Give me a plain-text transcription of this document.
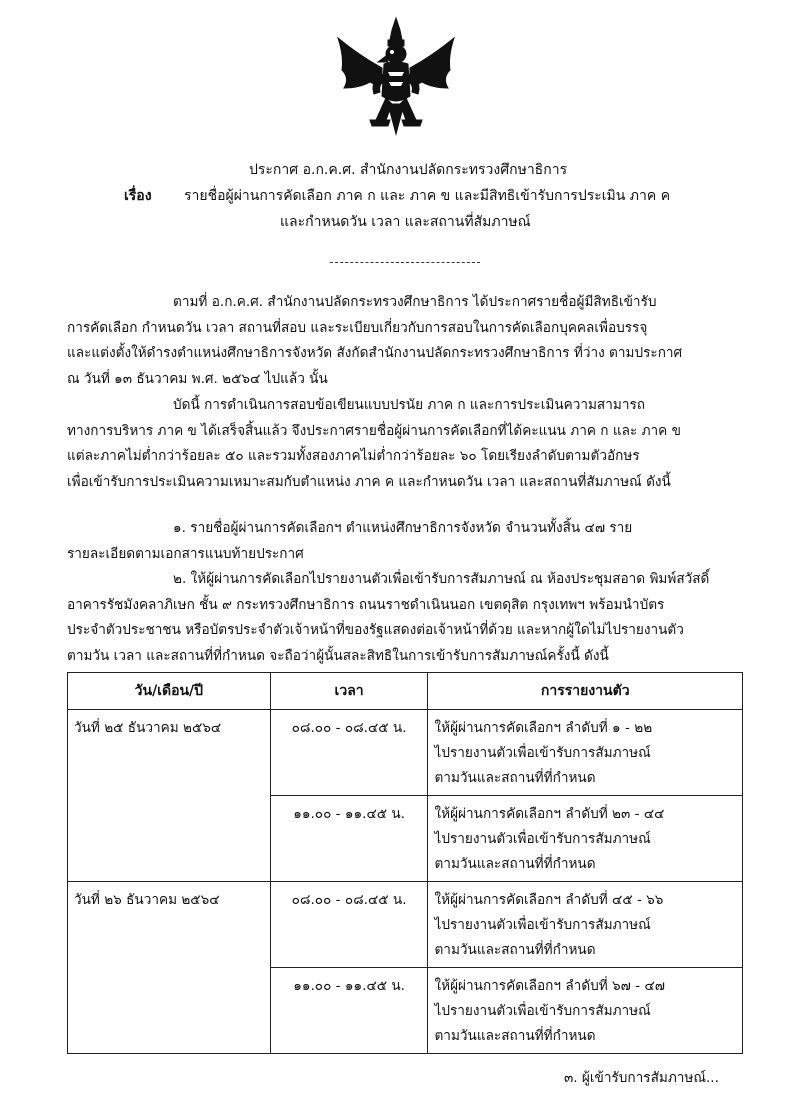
ประกาศ อ.ก.ค.ศ. สำนักงานปลัดกระทรวงศึกษาธิการ
เรื่อง รายชื่อผู้ผ่านการคัดเลือก ภาค ก และ ภาค ข และมีสิทธิเข้ารับการประเมิน ภาค ค
และกำหนดวัน เวลา และสถานที่สัมภาษณ์
ตามที่ อ.ก.ค.ศ. สำนักงานปลัดกระทรวงศึกษาธิการ ได้ประกาศรายชื่อผู้มีสิทธิเข้ารับ
การคัดเลือก กำหนดวัน เวลา สถานที่สอบ และระเบียบเกี่ยวกับการสอบในการคัดเลือกบุคคลเพื่อบรรจุ
และแต่งตั้งให้ดำรงตำแหน่งศึกษาธิการจังหวัด สังกัดสำนักงานปลัดกระทรวงศึกษาธิการ ที่ว่าง ตามประกาศ
ณ วันที่ ๑๓ ธันวาคม พ.ศ. ๒๕๖๔ ไปแล้ว นั้น
บัดนี้ การดำเนินการสอบข้อเขียนแบบปรนัย ภาค ก และการประเมินความสามารถ
ทางการบริหาร ภาค ข ได้เสร็จสิ้นแล้ว จึงประกาศรายชื่อผู้ผ่านการคัดเลือกที่ได้คะแนน ภาค ก และ ภาค ข
แต่ละภาคไม่ต่ำกว่าร้อยละ ๕๐ และรวมทั้งสองภาคไม่ต่ำกว่าร้อยละ ๖๐ โดยเรียงลำดับตามตัวอักษร
เพื่อเข้ารับการประเมินความเหมาะสมกับตำแหน่ง ภาค ค และกำหนดวัน เวลา และสถานที่สัมภาษณ์ ดังนี้
๑. รายชื่อผู้ผ่านการคัดเลือกฯ ตำแหน่งศึกษาธิการจังหวัด จำนวนทั้งสิ้น ๔๗ ราย
รายละเอียดตามเอกสารแนบท้ายประกาศ
๒. ให้ผู้ผ่านการคัดเลือกไปรายงานตัวเพื่อเข้ารับการสัมภาษณ์ ณ ห้องประชุมสอาด พิมพ์สวัสดิ์
อาคารรัชมังคลาภิเษก ชั้น ๙ กระทรวงศึกษาธิการ ถนนราชดำเนินนอก เขตดุสิต กรุงเทพฯ พร้อมนำบัตร
ประจำตัวประชาชน หรือบัตรประจำตัวเจ้าหน้าที่ของรัฐแสดงต่อเจ้าหน้าที่ด้วย และหากผู้ใดไม่ไปรายงานตัว
ตามวัน เวลา และสถานที่ที่กำหนด จะถือว่าผู้นั้นสละสิทธิในการเข้ารับการสัมภาษณ์ครั้งนี้ ดังนี้
วัน/เดือน/ปี	เวลา	การรายงานตัว
วันที่ ๒๕ ธันวาคม ๒๕๖๔	๐๘.๐๐ - ๐๘.๔๕ น.	ให้ผู้ผ่านการคัดเลือกฯ ลำดับที่ ๑ - ๒๒
ไปรายงานตัวเพื่อเข้ารับการสัมภาษณ์
ตามวันและสถานที่ที่กำหนด

	๑๑.๐๐ - ๑๑.๔๕ น.	ให้ผู้ผ่านการคัดเลือกฯ ลำดับที่ ๒๓ - ๔๔
ไปรายงานตัวเพื่อเข้ารับการสัมภาษณ์
ตามวันและสถานที่ที่กำหนด

วันที่ ๒๖ ธันวาคม ๒๕๖๔	๐๘.๐๐ - ๐๘.๔๕ น.	ให้ผู้ผ่านการคัดเลือกฯ ลำดับที่ ๔๕ - ๖๖
ไปรายงานตัวเพื่อเข้ารับการสัมภาษณ์
ตามวันและสถานที่ที่กำหนด

	๑๑.๐๐ - ๑๑.๔๕ น.	ให้ผู้ผ่านการคัดเลือกฯ ลำดับที่ ๖๗ - ๔๗
ไปรายงานตัวเพื่อเข้ารับการสัมภาษณ์
ตามวันและสถานที่ที่กำหนด
๓. ผู้เข้ารับการสัมภาษณ์...
